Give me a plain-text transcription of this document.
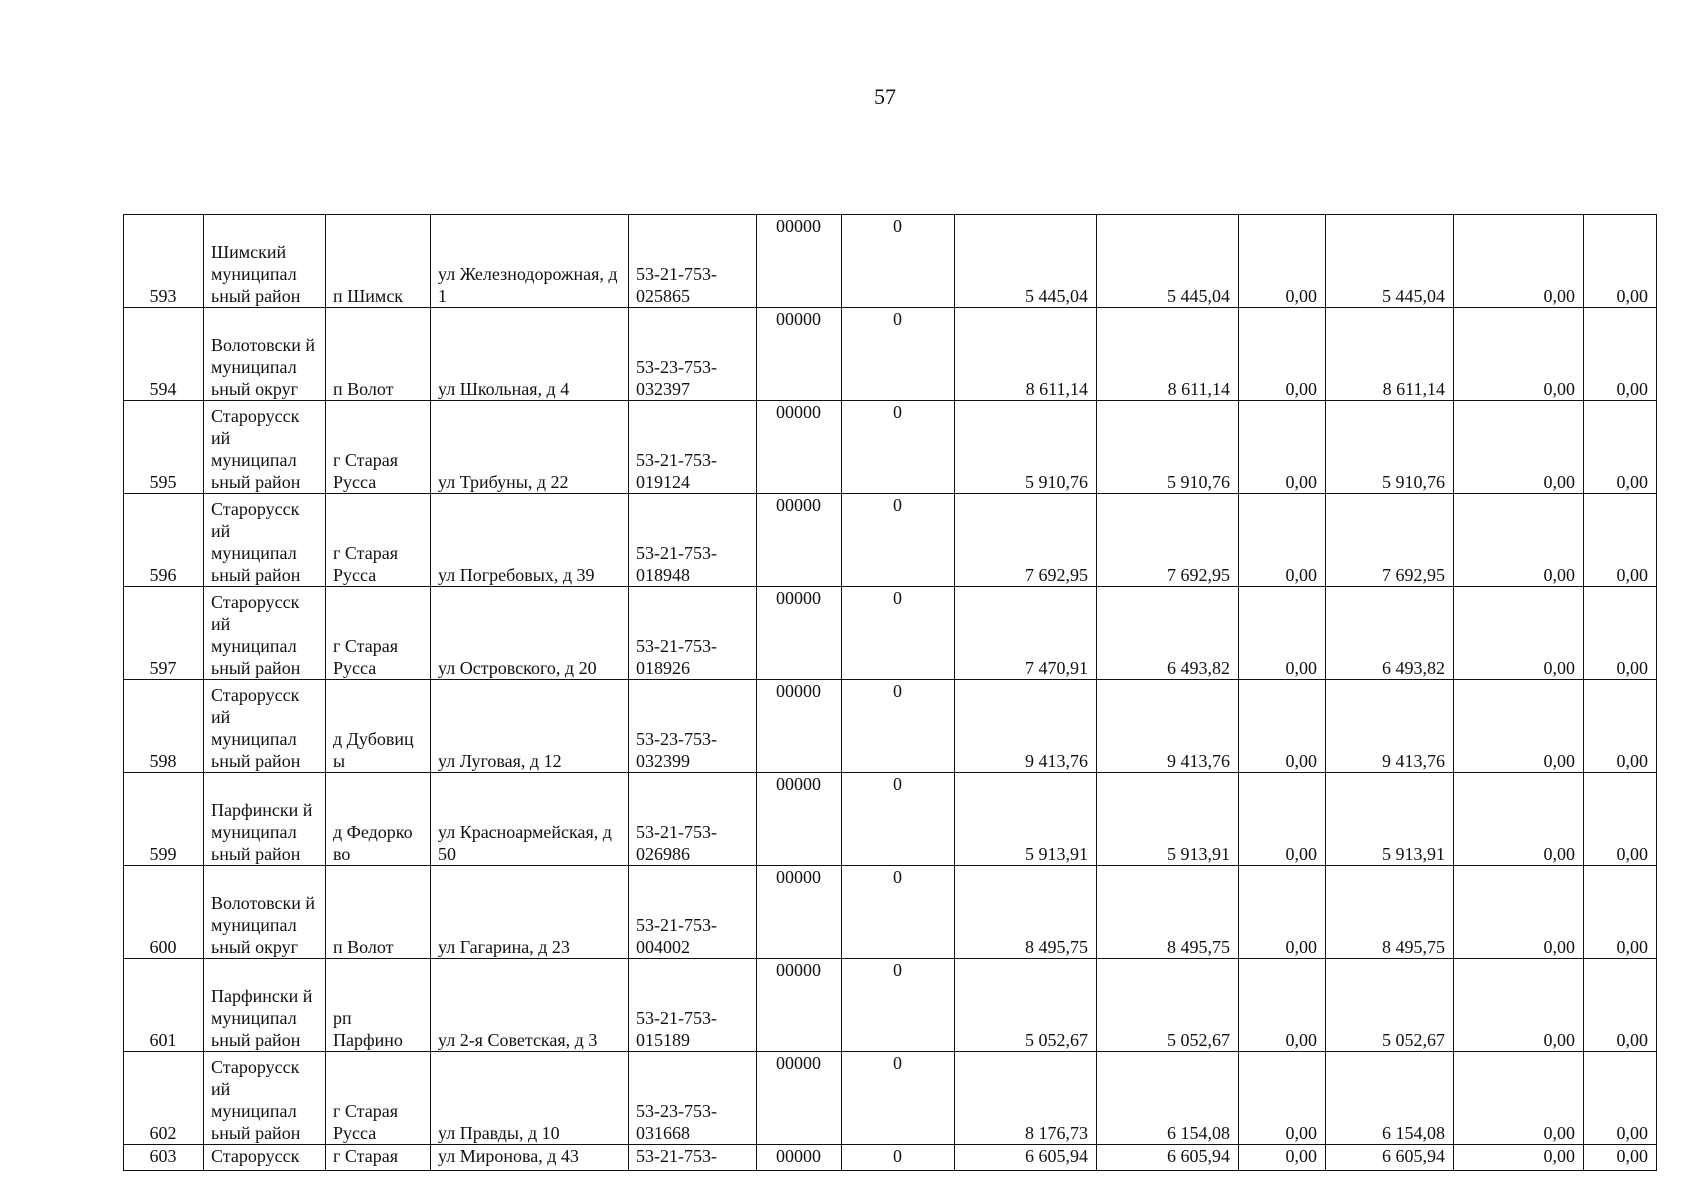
57
593	Шимский муниципал ьный район	п Шимск	ул Железнодорожная, д 1	53-21-753-025865	00000	0	5 445,04	5 445,04	0,00	5 445,04	0,00	0,00
594	Волотовски й муниципал ьный округ	п Волот	ул Школьная, д 4	53-23-753-032397	00000	0	8 611,14	8 611,14	0,00	8 611,14	0,00	0,00
595	Старорусск ий муниципал ьный район	г Старая Русса	ул Трибуны, д 22	53-21-753-019124	00000	0	5 910,76	5 910,76	0,00	5 910,76	0,00	0,00
596	Старорусск ий муниципал ьный район	г Старая Русса	ул Погребовых, д 39	53-21-753-018948	00000	0	7 692,95	7 692,95	0,00	7 692,95	0,00	0,00
597	Старорусск ий муниципал ьный район	г Старая Русса	ул Островского, д 20	53-21-753-018926	00000	0	7 470,91	6 493,82	0,00	6 493,82	0,00	0,00
598	Старорусск ий муниципал ьный район	д Дубовиц ы	ул Луговая, д 12	53-23-753-032399	00000	0	9 413,76	9 413,76	0,00	9 413,76	0,00	0,00
599	Парфински й муниципал ьный район	д Федорко во	ул Красноармейская, д 50	53-21-753-026986	00000	0	5 913,91	5 913,91	0,00	5 913,91	0,00	0,00
600	Волотовски й муниципал ьный округ	п Волот	ул Гагарина, д 23	53-21-753-004002	00000	0	8 495,75	8 495,75	0,00	8 495,75	0,00	0,00
601	Парфински й муниципал ьный район	рп Парфино	ул 2-я Советская, д 3	53-21-753-015189	00000	0	5 052,67	5 052,67	0,00	5 052,67	0,00	0,00
602	Старорусск ий муниципал ьный район	г Старая Русса	ул Правды, д 10	53-23-753-031668	00000	0	8 176,73	6 154,08	0,00	6 154,08	0,00	0,00
603	Старорусск	г Старая	ул Миронова, д 43	53-21-753-	00000	0	6 605,94	6 605,94	0,00	6 605,94	0,00	0,00
